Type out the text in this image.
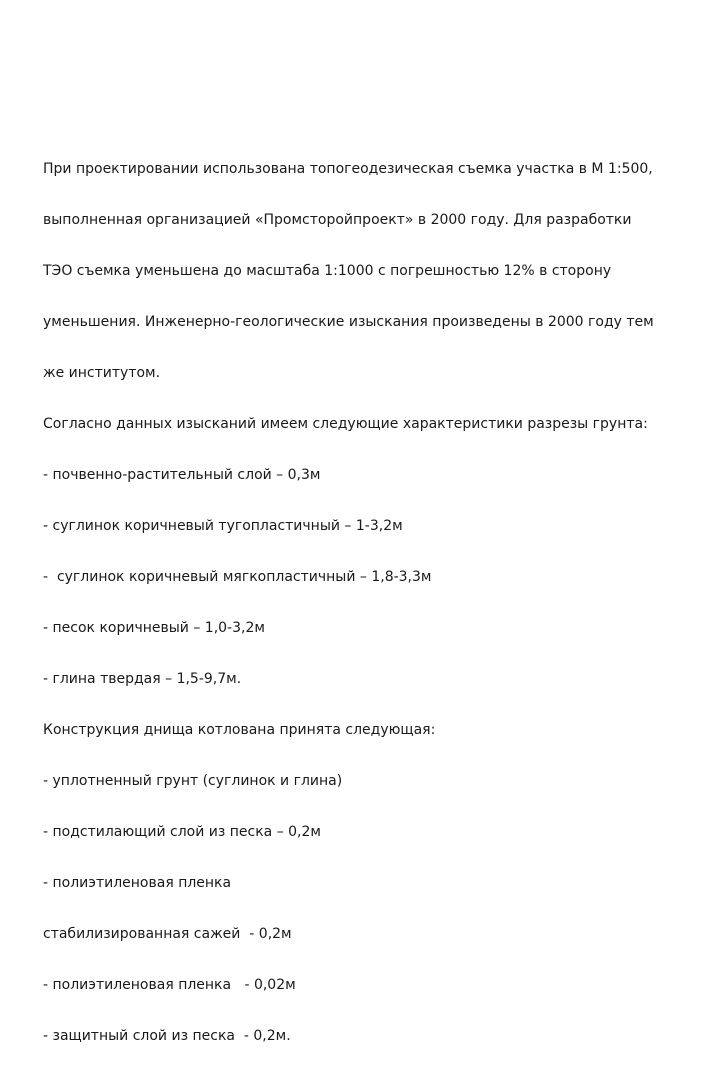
При проектировании использована топогеодезическая съемка участка в М 1:500,

выполненная организацией «Промсторойпроект» в 2000 году. Для разработки

ТЭО съемка уменьшена до масштаба 1:1000 с погрешностью 12% в сторону

уменьшения. Инженерно-геологические изыскания произведены в 2000 году тем

же институтом.

Согласно данных изысканий имеем следующие характеристики разрезы грунта:

- почвенно-растительный слой – 0,3м

- суглинок коричневый тугопластичный – 1-3,2м

-  суглинок коричневый мягкопластичный – 1,8-3,3м

- песок коричневый – 1,0-3,2м

- глина твердая – 1,5-9,7м.

Конструкция днища котлована принята следующая:

- уплотненный грунт (суглинок и глина)

- подстилающий слой из песка – 0,2м

- полиэтиленовая пленка

стабилизированная сажей  - 0,2м

- полиэтиленовая пленка   - 0,02м

- защитный слой из песка  - 0,2м.
